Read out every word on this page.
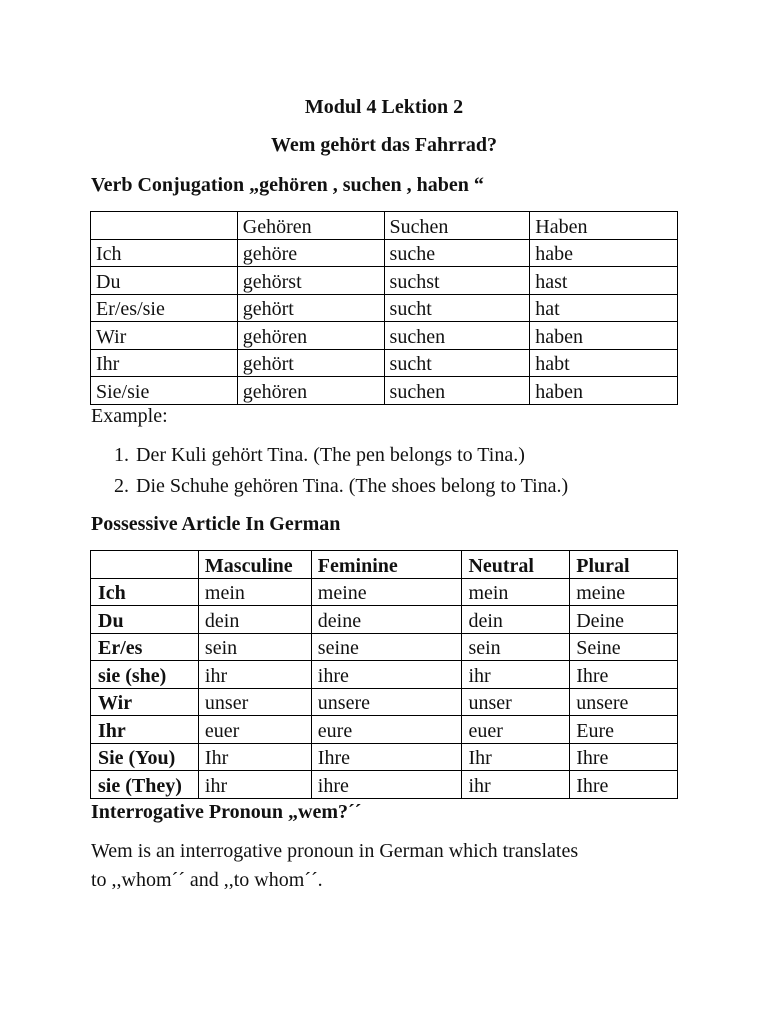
Modul 4 Lektion 2
Wem gehört das Fahrrad?
Verb Conjugation „gehören , suchen , haben “
	Gehören	Suchen	Haben
Ich	gehöre	suche	habe
Du	gehörst	suchst	hast
Er/es/sie	gehört	sucht	hat
Wir	gehören	suchen	haben
Ihr	gehört	sucht	habt
Sie/sie	gehören	suchen	haben
Example:
1. Der Kuli gehört Tina. (The pen belongs to Tina.)
2. Die Schuhe gehören Tina. (The shoes belong to Tina.)
Possessive Article In German
	Masculine	Feminine	Neutral	Plural
Ich	mein	meine	mein	meine
Du	dein	deine	dein	Deine
Er/es	sein	seine	sein	Seine
sie (she)	ihr	ihre	ihr	Ihre
Wir	unser	unsere	unser	unsere
Ihr	euer	eure	euer	Eure
Sie (You)	Ihr	Ihre	Ihr	Ihre
sie (They)	ihr	ihre	ihr	Ihre
Interrogative Pronoun „wem?´´
Wem is an interrogative pronoun in German which translates
to ,,whom´´ and ,,to whom´´.
